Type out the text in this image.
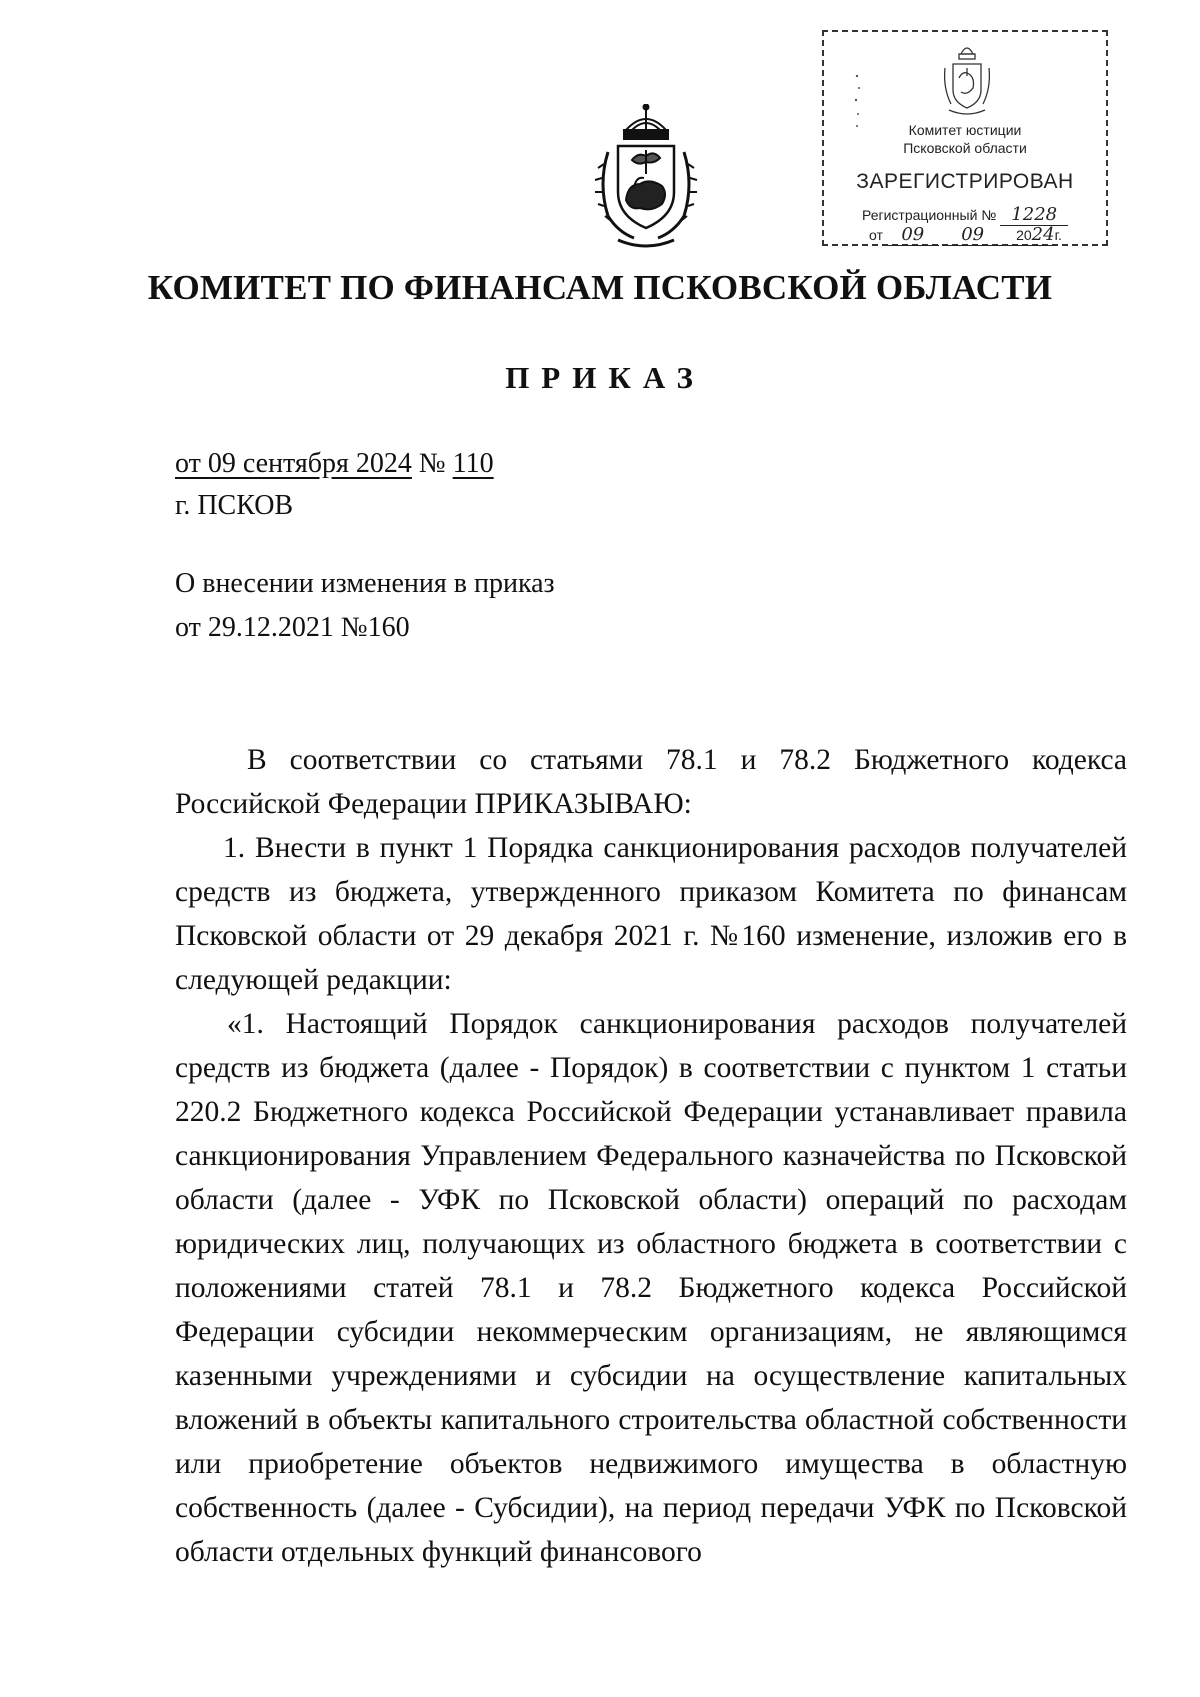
Комитет юстиции
Псковской области
ЗАРЕГИСТРИРОВАН
Регистрационный № 1228
от 09 09 2024г.
КОМИТЕТ ПО ФИНАНСАМ ПСКОВСКОЙ ОБЛАСТИ
ПРИКАЗ
от 09 сентября 2024 № 110
г. ПСКОВ
О внесении изменения в приказ
от 29.12.2021 №160

В соответствии со статьями 78.1 и 78.2 Бюджетного кодекса Российской Федерации ПРИКАЗЫВАЮ:

1. Внести в пункт 1 Порядка санкционирования расходов получателей средств из бюджета, утвержденного приказом Комитета по финансам Псковской области от 29 декабря 2021 г. №160 изменение, изложив его в следующей редакции:

«1. Настоящий Порядок санкционирования расходов получателей средств из бюджета (далее - Порядок) в соответствии с пунктом 1 статьи 220.2 Бюджетного кодекса Российской Федерации устанавливает правила санкционирования Управлением Федерального казначейства по Псковской области (далее - УФК по Псковской области) операций по расходам юридических лиц, получающих из областного бюджета в соответствии с положениями статей 78.1 и 78.2 Бюджетного кодекса Российской Федерации субсидии некоммерческим организациям, не являющимся казенными учреждениями и субсидии на осуществление капитальных вложений в объекты капитального строительства областной собственности или приобретение объектов недвижимого имущества в областную собственность (далее - Субсидии), на период передачи УФК по Псковской области отдельных функций финансового
